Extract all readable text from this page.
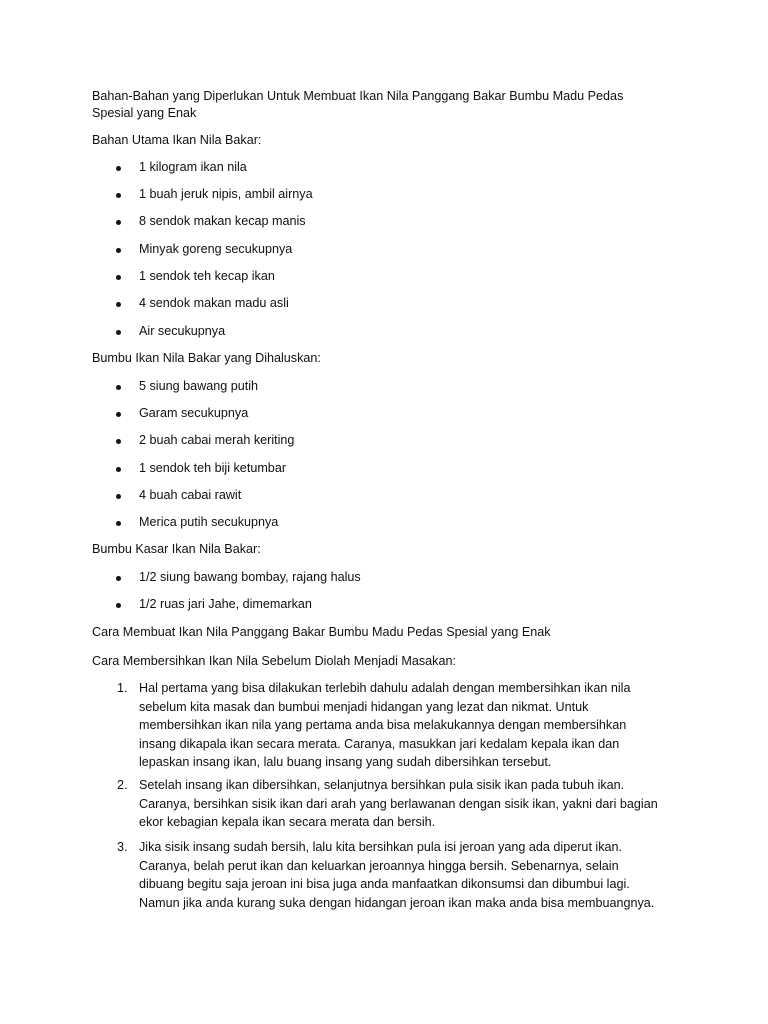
Bahan-Bahan yang Diperlukan Untuk Membuat Ikan Nila Panggang Bakar Bumbu Madu Pedas
Spesial yang Enak
Bahan Utama Ikan Nila Bakar:
1 kilogram ikan nila
1 buah jeruk nipis, ambil airnya
8 sendok makan kecap manis
Minyak goreng secukupnya
1 sendok teh kecap ikan
4 sendok makan madu asli
Air secukupnya
Bumbu Ikan Nila Bakar yang Dihaluskan:
5 siung bawang putih
Garam secukupnya
2 buah cabai merah keriting
1 sendok teh biji ketumbar
4 buah cabai rawit
Merica putih secukupnya
Bumbu Kasar Ikan Nila Bakar:
1/2 siung bawang bombay, rajang halus
1/2 ruas jari Jahe, dimemarkan
Cara Membuat Ikan Nila Panggang Bakar Bumbu Madu Pedas Spesial yang Enak
Cara Membersihkan Ikan Nila Sebelum Diolah Menjadi Masakan:
1. Hal pertama yang bisa dilakukan terlebih dahulu adalah dengan membersihkan ikan nila
sebelum kita masak dan bumbui menjadi hidangan yang lezat dan nikmat. Untuk
membersihkan ikan nila yang pertama anda bisa melakukannya dengan membersihkan
insang dikapala ikan secara merata. Caranya, masukkan jari kedalam kepala ikan dan
lepaskan insang ikan, lalu buang insang yang sudah dibersihkan tersebut.
2. Setelah insang ikan dibersihkan, selanjutnya bersihkan pula sisik ikan pada tubuh ikan.
Caranya, bersihkan sisik ikan dari arah yang berlawanan dengan sisik ikan, yakni dari bagian
ekor kebagian kepala ikan secara merata dan bersih.
3. Jika sisik insang sudah bersih, lalu kita bersihkan pula isi jeroan yang ada diperut ikan.
Caranya, belah perut ikan dan keluarkan jeroannya hingga bersih. Sebenarnya, selain
dibuang begitu saja jeroan ini bisa juga anda manfaatkan dikonsumsi dan dibumbui lagi.
Namun jika anda kurang suka dengan hidangan jeroan ikan maka anda bisa membuangnya.
